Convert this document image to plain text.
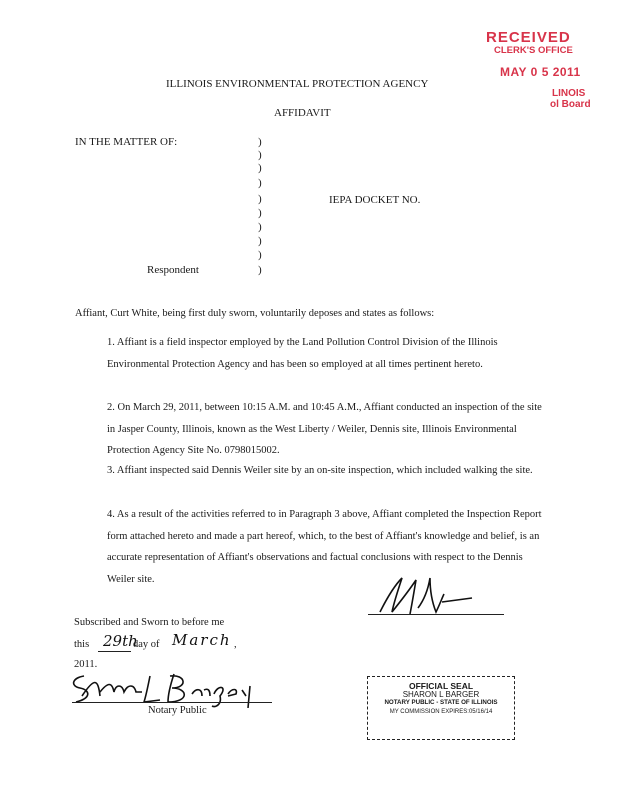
RECEIVED
CLERK'S OFFICE
MAY 0 5 2011
LINOIS
ol Board
ILLINOIS ENVIRONMENTAL PROTECTION AGENCY
AFFIDAVIT
IN THE MATTER OF:
IEPA DOCKET NO.
Respondent
)
)
)
)
)
)
)
)
)
)
Affiant, Curt White, being first duly sworn, voluntarily deposes and states as follows:
1. Affiant is a field inspector employed by the Land Pollution Control Division of the Illinois Environmental Protection Agency and has been so employed at all times pertinent hereto.
2. On March 29, 2011, between 10:15 A.M. and 10:45 A.M., Affiant conducted an inspection of the site in Jasper County, Illinois, known as the West Liberty / Weiler, Dennis site, Illinois Environmental Protection Agency Site No. 0798015002.
3. Affiant inspected said Dennis Weiler site by an on-site inspection, which included walking the site.
4. As a result of the activities referred to in Paragraph 3 above, Affiant completed the Inspection Report form attached hereto and made a part hereof, which, to the best of Affiant's knowledge and belief, is an accurate representation of Affiant's observations and factual conclusions with respect to the Dennis Weiler site.
Subscribed and Sworn to before me
this 29th
day of March ,
2011.
Notary Public
OFFICIAL SEAL
SHARON L BARGER
NOTARY PUBLIC - STATE OF ILLINOIS
MY COMMISSION EXPIRES:05/16/14
